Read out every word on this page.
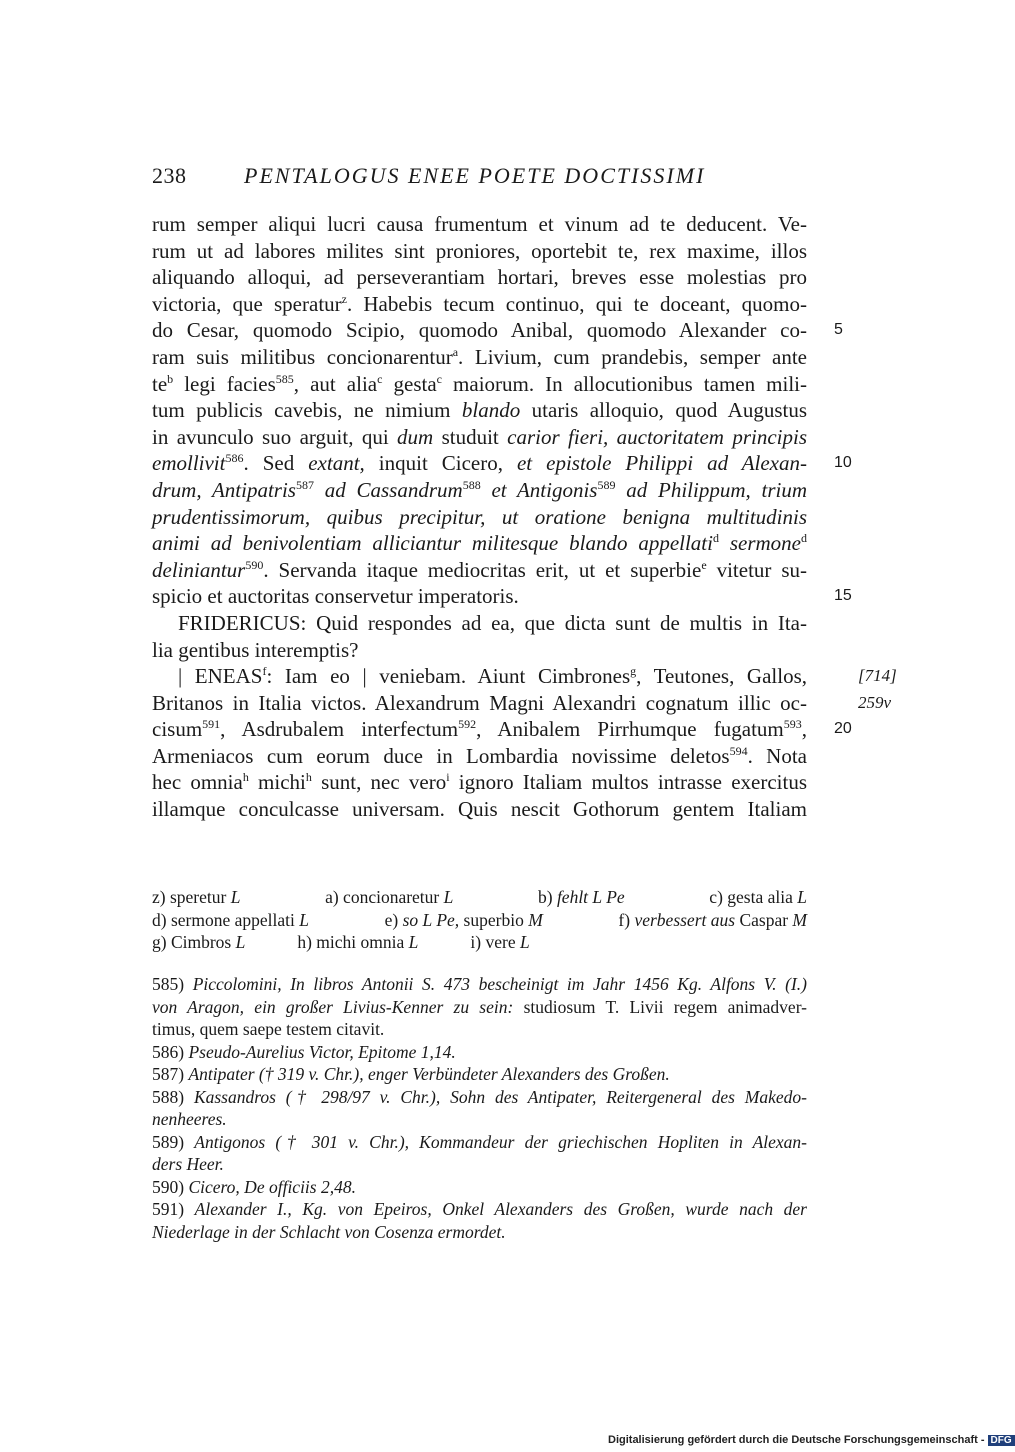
238	PENTALOGUS ENEE POETE DOCTISSIMI
rum semper aliqui lucri causa frumentum et vinum ad te deducent. Ve-
rum ut ad labores milites sint proniores, oportebit te, rex maxime, illos
aliquando alloqui, ad perseverantiam hortari, breves esse molestias pro
victoria, que speratur$^z$. Habebis tecum continuo, qui te doceant, quomo-
do Cesar, quomodo Scipio, quomodo Anibal, quomodo Alexander co- 5
ram suis militibus concionarentur$^a$. Livium, cum prandebis, semper ante
$te^b$ legi facies$^{585}$, aut alia$^c$ gesta$^c$ maiorum. In allocutionibus tamen mili-
tum publicis cavebis, ne nimium blando utaris alloquio, quod Augustus
in avunculo suo arguit, qui dum studuit carior fieri, auctoritatem principis
emollivit$^{586}$. Sed extant, inquit Cicero, et epistole Philippi ad Alexan- 10
drum, Antipatris$^{587}$ ad Cassandrum$^{588}$ et Antigonis$^{589}$ ad Philippum, trium
prudentissimorum, quibus precipitur, ut oratione benigna multitudinis
animi ad benivolentiam alliciantur militesque blando appellati$^d$ sermone$^d$
deliniantur$^{590}$. Servanda itaque mediocritas erit, ut et superbie$^e$ vitetur su-
spicio et auctoritas conservetur imperatoris.	15
FRIDERICUS: Quid respondes ad ea, que dicta sunt de multis in Ita-
lia gentibus interemptis?
| ENEAS$^f$: Iam eo | veniebam. Aiunt Cimbrones$^g$, Teutones, Gallos,	[714]
Britanos in Italia victos. Alexandrum Magni Alexandri cognatum illic oc-	259v
cisum$^{591}$, Asdrubalem interfectum$^{592}$, Anibalem Pirrhumque fugatum$^{593}$, 20
Armeniacos cum eorum duce in Lombardia novissime deletos$^{594}$. Nota
hec omnia$^h$ michi$^h$ sunt, nec vero$^i$ ignoro Italiam multos intrasse exercitus
illamque conculcasse universam. Quis nescit Gothorum gentem Italiam
z) speretur L	a) concionaretur L	b) fehlt L Pe	c) gesta alia L
d) sermone appellati L	e) so L Pe, superbio M	f) verbessert aus Caspar M
g) Cimbros L	h) michi omnia L	i) vere L
585) Piccolomini, In libros Antonii S. 473 bescheinigt im Jahr 1456 Kg. Alfons V. (I.)
von Aragon, ein großer Livius-Kenner zu sein: studiosum T. Livii regem animadver-
timus, quem saepe testem citavit.
586) Pseudo-Aurelius Victor, Epitome 1,14.
587) Antipater († 319 v. Chr.), enger Verbündeter Alexanders des Großen.
588) Kassandros († 298/97 v. Chr.), Sohn des Antipater, Reitergeneral des Makedo-
nenheeres.
589) Antigonos († 301 v. Chr.), Kommandeur der griechischen Hopliten in Alexan-
ders Heer.
590) Cicero, De officiis 2,48.
591) Alexander I., Kg. von Epeiros, Onkel Alexanders des Großen, wurde nach der
Niederlage in der Schlacht von Cosenza ermordet.
Digitalisierung gefördert durch die Deutsche Forschungsgemeinschaft - DFG
